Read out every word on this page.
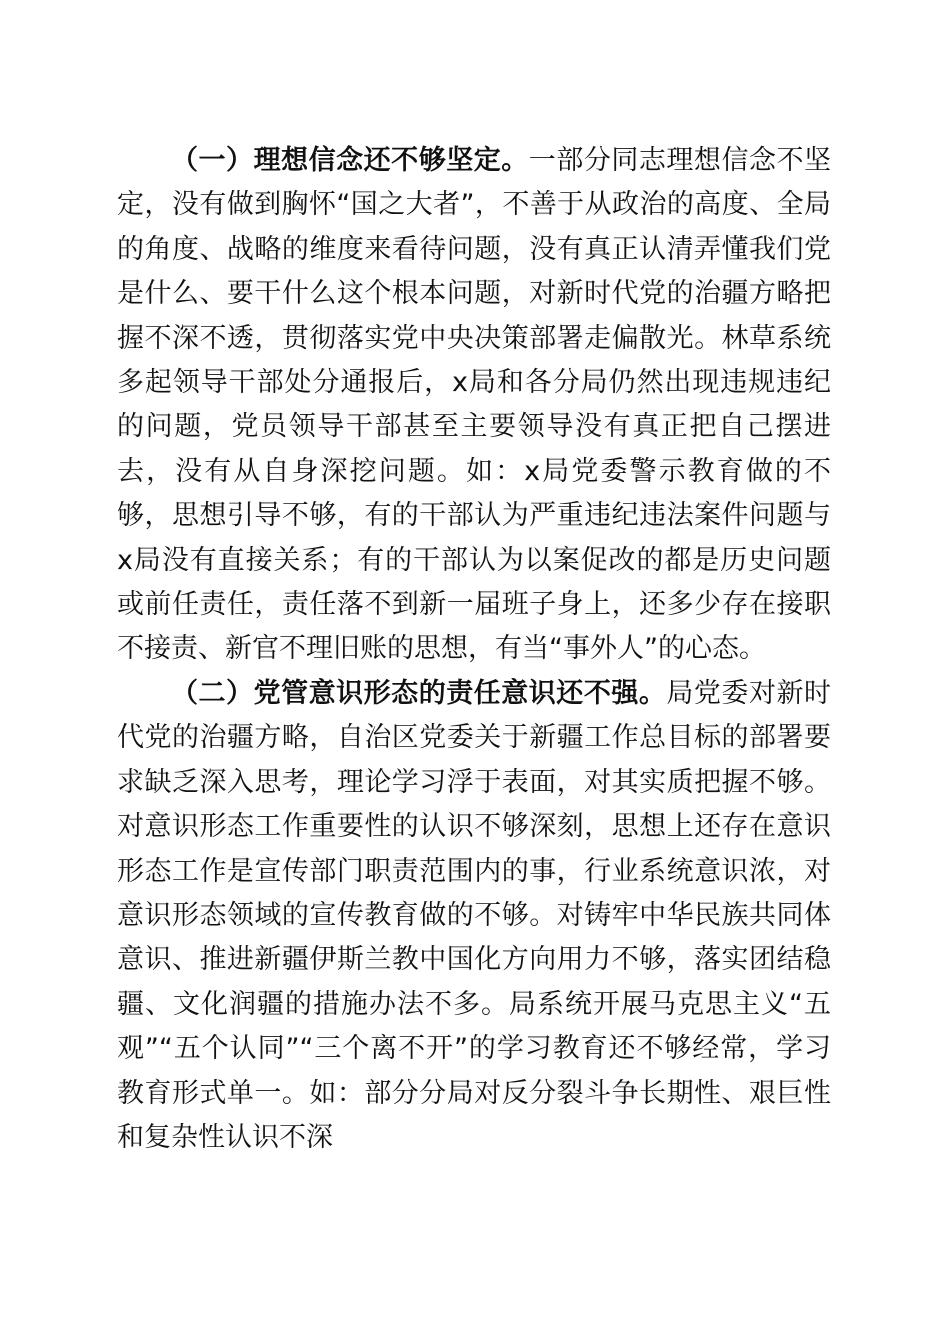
（一）理想信念还不够坚定。一部分同志理想信念不坚定，没有做到胸怀“国之大者”，不善于从政治的高度、全局的角度、战略的维度来看待问题，没有真正认清弄懂我们党是什么、要干什么这个根本问题，对新时代党的治疆方略把握不深不透，贯彻落实党中央决策部署走偏散光。林草系统多起领导干部处分通报后，x局和各分局仍然出现违规违纪的问题，党员领导干部甚至主要领导没有真正把自己摆进去，没有从自身深挖问题。如：x局党委警示教育做的不够，思想引导不够，有的干部认为严重违纪违法案件问题与x局没有直接关系；有的干部认为以案促改的都是历史问题或前任责任，责任落不到新一届班子身上，还多少存在接职不接责、新官不理旧账的思想，有当“事外人”的心态。

（二）党管意识形态的责任意识还不强。局党委对新时代党的治疆方略，自治区党委关于新疆工作总目标的部署要求缺乏深入思考，理论学习浮于表面，对其实质把握不够。对意识形态工作重要性的认识不够深刻，思想上还存在意识形态工作是宣传部门职责范围内的事，行业系统意识浓，对意识形态领域的宣传教育做的不够。对铸牢中华民族共同体意识、推进新疆伊斯兰教中国化方向用力不够，落实团结稳疆、文化润疆的措施办法不多。局系统开展马克思主义“五观”“五个认同”“三个离不开”的学习教育还不够经常，学习教育形式单一。如：部分分局对反分裂斗争长期性、艰巨性和复杂性认识不深
